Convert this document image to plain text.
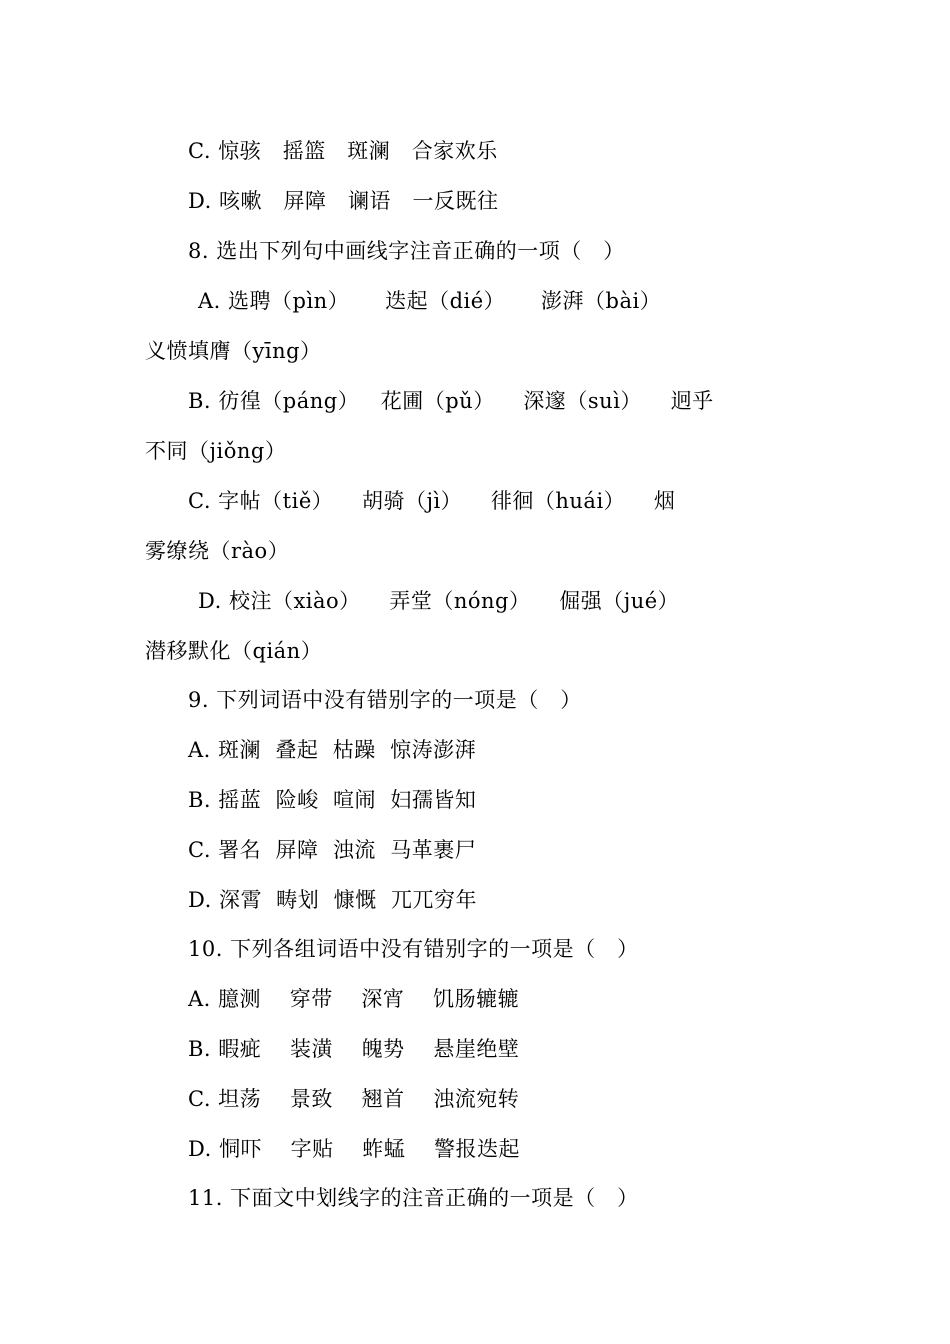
C. 惊骇   摇篮   斑澜   合家欢乐
D. 咳嗽   屏障   谰语   一反既往
8. 选出下列句中画线字注音正确的一项（   ）
A. 选聘（pìn）     迭起（dié）     澎湃（bài）
义愤填膺（yīng）
B. 彷徨（páng）   花圃（pǔ）    深邃（suì）    迥乎
不同（jiǒng）
C. 字帖（tiě）    胡骑（jì）    徘徊（huái）    烟
雾缭绕（rào）
D. 校注（xiào）    弄堂（nóng）    倔强（jué）
潜移默化（qián）
9. 下列词语中没有错别字的一项是（   ）
A. 斑澜  叠起  枯躁  惊涛澎湃
B. 摇蓝  险峻  喧闹  妇孺皆知
C. 署名  屏障  浊流  马革裹尸
D. 深霄  畴划  慷慨  兀兀穷年
10. 下列各组词语中没有错别字的一项是（   ）
A. 臆测    穿带    深宵    饥肠辘辘
B. 暇疵    装潢    魄势    悬崖绝壁
C. 坦荡    景致    翘首    浊流宛转
D. 恫吓    字贴    蚱蜢    警报迭起
11. 下面文中划线字的注音正确的一项是（   ）
